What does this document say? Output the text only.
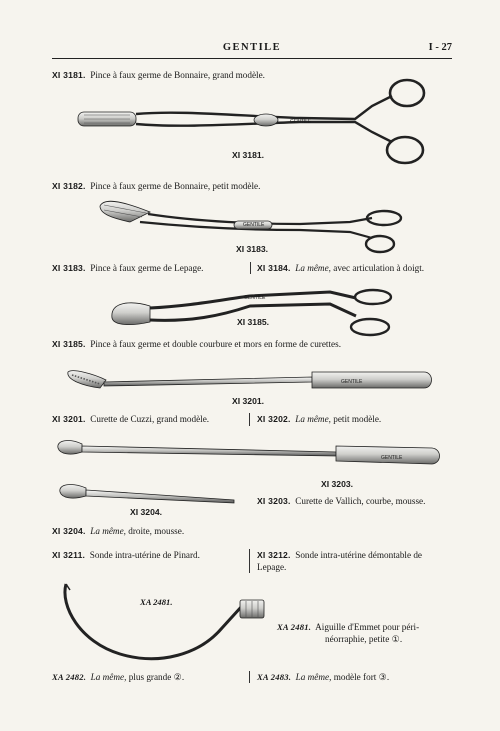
GENTILE	I - 27
GENTILE
GENTILE
GENTILE
GENTILE
GENTILE
XI 3181.
XI 3183.
XI 3185.
XI 3201.
XI 3203.
XI 3204.
XA 2481.
XI 3181. Pince à faux germe de Bonnaire, grand modèle.
XI 3182. Pince à faux germe de Bonnaire, petit modèle.
XI 3183. Pince à faux germe de Lepage.	XI 3184. La même, avec articulation à doigt.
XI 3185. Pince à faux germe et double courbure et mors en forme de curettes.
XI 3201. Curette de Cuzzi, grand modèle.	XI 3202. La même, petit modèle.
XI 3203. Curette de Vallich, courbe, mousse.
XI 3204. La même, droite, mousse.
XI 3211. Sonde intra-utérine de Pinard.	XI 3212. Sonde intra-utérine démontable de
Lepage.
XA 2481. Aiguille d'Emmet pour péri-
néorraphie, petite ①.
XA 2482. La même, plus grande ②.	XA 2483. La même, modèle fort ③.
